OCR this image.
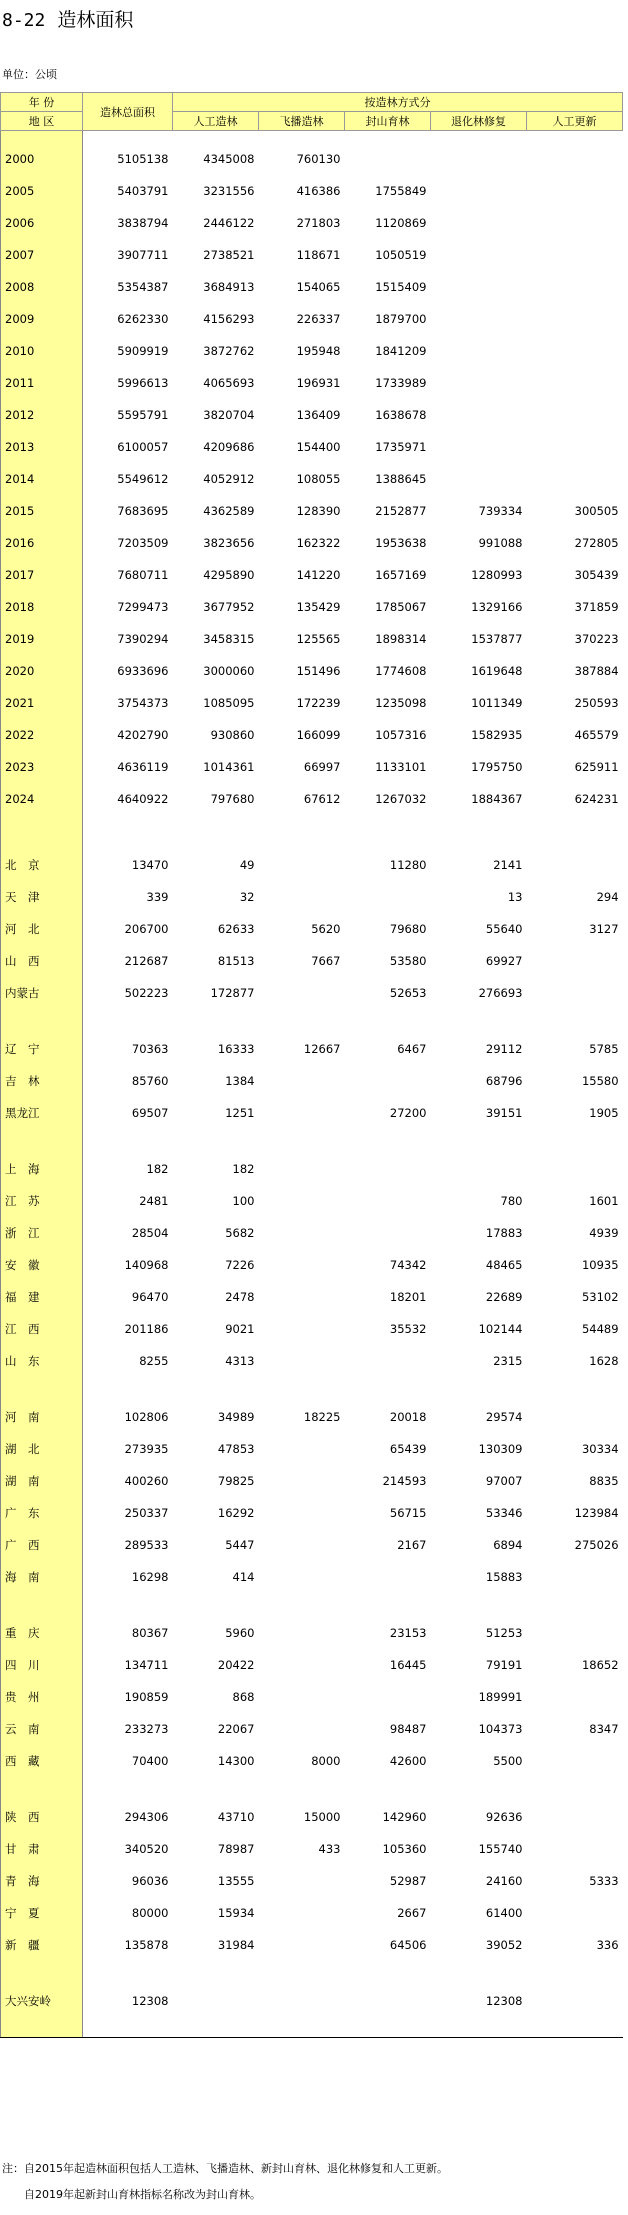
8-22 造林面积
单位：公顷
年 份	造林总面积	按造林方式分				
地 区		人工造林	飞播造林	封山育林	退化林修复	人工更新

2000	5105138	4345008	760130			
2005	5403791	3231556	416386	1755849		
2006	3838794	2446122	271803	1120869		
2007	3907711	2738521	118671	1050519		
2008	5354387	3684913	154065	1515409		
2009	6262330	4156293	226337	1879700		
2010	5909919	3872762	195948	1841209		
2011	5996613	4065693	196931	1733989		
2012	5595791	3820704	136409	1638678		
2013	6100057	4209686	154400	1735971		
2014	5549612	4052912	108055	1388645		
2015	7683695	4362589	128390	2152877	739334	300505
2016	7203509	3823656	162322	1953638	991088	272805
2017	7680711	4295890	141220	1657169	1280993	305439
2018	7299473	3677952	135429	1785067	1329166	371859
2019	7390294	3458315	125565	1898314	1537877	370223
2020	6933696	3000060	151496	1774608	1619648	387884
2021	3754373	1085095	172239	1235098	1011349	250593
2022	4202790	930860	166099	1057316	1582935	465579
2023	4636119	1014361	66997	1133101	1795750	625911
2024	4640922	797680	67612	1267032	1884367	624231

北　京	13470	49		11280	2141	
天　津	339	32			13	294
河　北	206700	62633	5620	79680	55640	3127
山　西	212687	81513	7667	53580	69927	
内蒙古	502223	172877		52653	276693	

辽　宁	70363	16333	12667	6467	29112	5785
吉　林	85760	1384			68796	15580
黑龙江	69507	1251		27200	39151	1905

上　海	182	182				
江　苏	2481	100			780	1601
浙　江	28504	5682			17883	4939
安　徽	140968	7226		74342	48465	10935
福　建	96470	2478		18201	22689	53102
江　西	201186	9021		35532	102144	54489
山　东	8255	4313			2315	1628

河　南	102806	34989	18225	20018	29574	
湖　北	273935	47853		65439	130309	30334
湖　南	400260	79825		214593	97007	8835
广　东	250337	16292		56715	53346	123984
广　西	289533	5447		2167	6894	275026
海　南	16298	414			15883	

重　庆	80367	5960		23153	51253	
四　川	134711	20422		16445	79191	18652
贵　州	190859	868			189991	
云　南	233273	22067		98487	104373	8347
西　藏	70400	14300	8000	42600	5500	

陕　西	294306	43710	15000	142960	92636	
甘　肃	340520	78987	433	105360	155740	
青　海	96036	13555		52987	24160	5333
宁　夏	80000	15934		2667	61400	
新　疆	135878	31984		64506	39052	336

大兴安岭	12308				12308	

注：自2015年起造林面积包括人工造林、飞播造林、新封山育林、退化林修复和人工更新。
　　自2019年起新封山育林指标名称改为封山育林。
